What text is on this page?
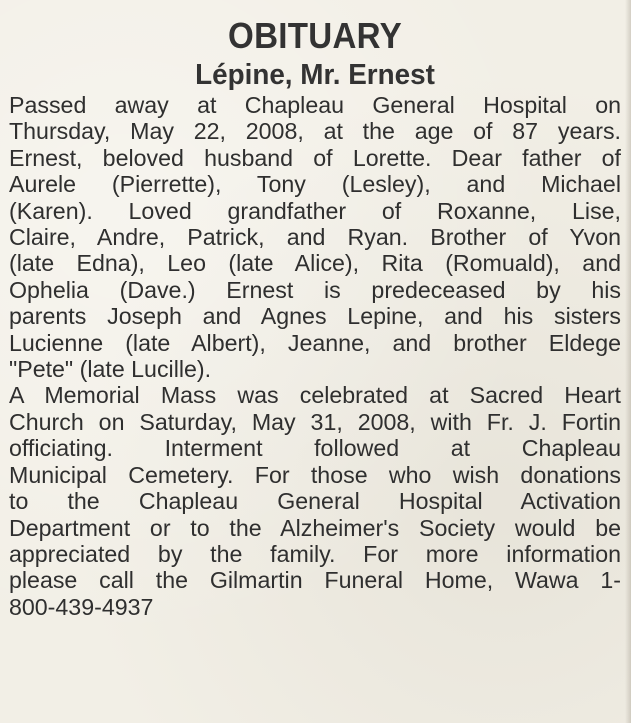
OBITUARY
Lépine, Mr. Ernest
Passed away at Chapleau General Hospital on
Thursday, May 22, 2008, at the age of 87 years.
Ernest, beloved husband of Lorette. Dear father of
Aurele (Pierrette), Tony (Lesley), and Michael
(Karen). Loved grandfather of Roxanne, Lise,
Claire, Andre, Patrick, and Ryan. Brother of Yvon
(late Edna), Leo (late Alice), Rita (Romuald), and
Ophelia (Dave.) Ernest is predeceased by his
parents Joseph and Agnes Lepine, and his sisters
Lucienne (late Albert), Jeanne, and brother Eldege
"Pete" (late Lucille).
A Memorial Mass was celebrated at Sacred Heart
Church on Saturday, May 31, 2008, with Fr. J. Fortin
officiating. Interment followed at Chapleau
Municipal Cemetery. For those who wish donations
to the Chapleau General Hospital Activation
Department or to the Alzheimer's Society would be
appreciated by the family. For more information
please call the Gilmartin Funeral Home, Wawa 1-
800-439-4937
